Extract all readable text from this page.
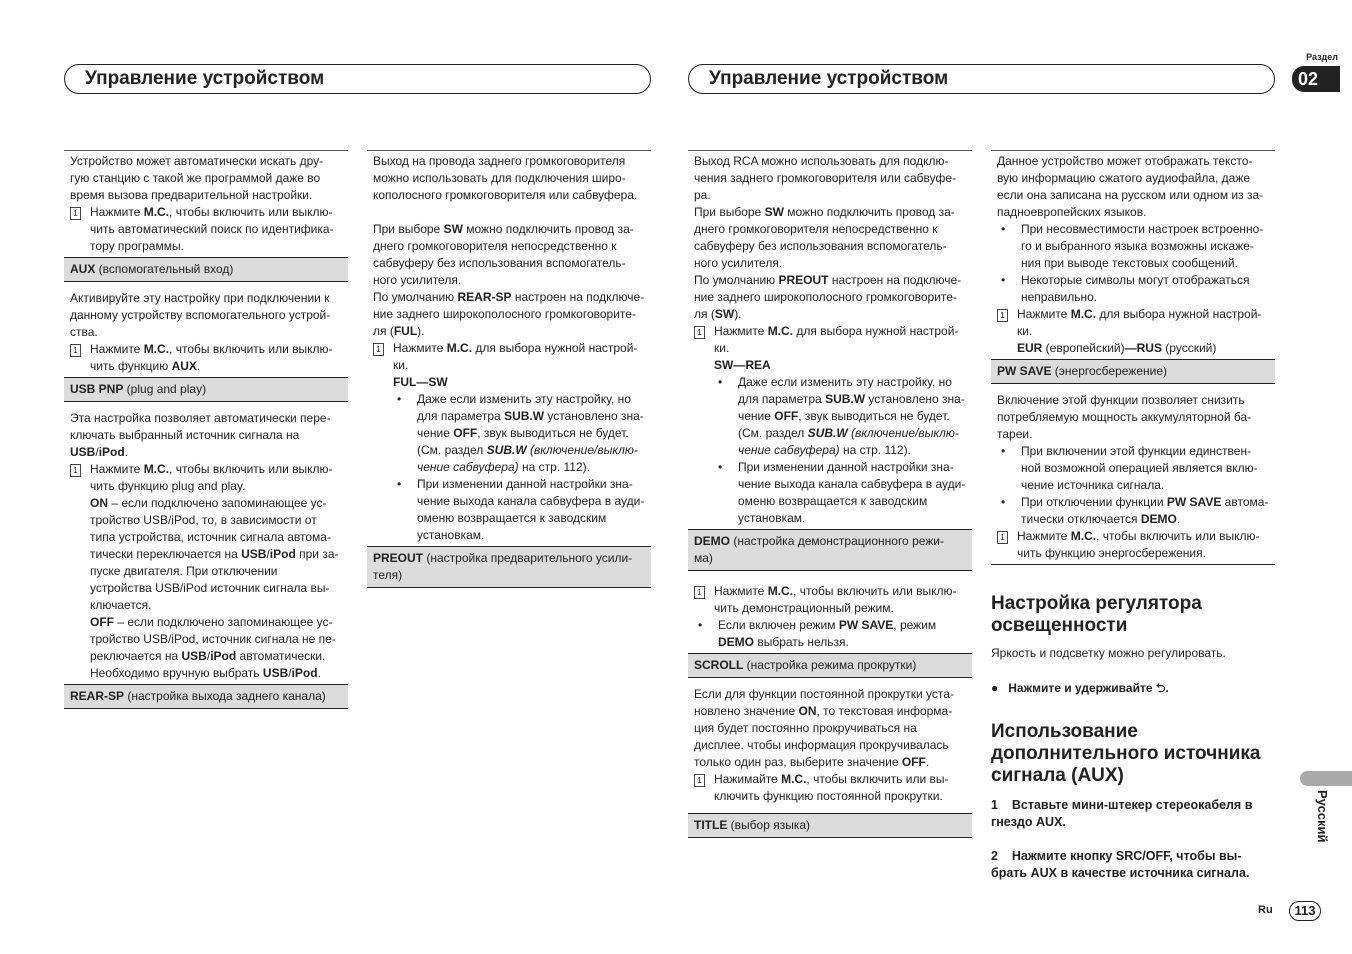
Управление устройством	Управление устройством
Раздел
02
Русский

Устройство может автоматически искать дру- гую станцию с такой же программой даже во время вызова предварительной настройки.

1 Нажмите M.C., чтобы включить или выклю- чить автоматический поиск по идентифика- тору программы.
AUX (вспомогательный вход)

Активируйте эту настройку при подключении к данному устройству вспомогательного устрой- ства.

1 Нажмите M.C., чтобы включить или выклю- чить функцию AUX.
USB PNP (plug and play)

Эта настройка позволяет автоматически пере- ключать выбранный источник сигнала на USB/iPod.

1 Нажмите M.C., чтобы включить или выклю- чить функцию plug and play.

ON – если подключено запоминающее ус- тройство USB/iPod, то, в зависимости от типа устройства, источник сигнала автома- тически переключается на USB/iPod при за- пуске двигателя. При отключении устройства USB/iPod источник сигнала вы- ключается.

OFF – если подключено запоминающее ус- тройство USB/iPod, источник сигнала не пе- реключается на USB/iPod автоматически. Необходимо вручную выбрать USB/iPod.

REAR-SP (настройка выхода заднего канала)

Выход на провода заднего громкоговорителя можно использовать для подключения широ- кополосного громкоговорителя или сабвуфера.

При выборе SW можно подключить провод за- днего громкоговорителя непосредственно к сабвуферу без использования вспомогатель- ного усилителя.

По умолчанию REAR-SP настроен на подключе- ние заднего широкополосного громкоговорите- ля (FUL).

1 Нажмите M.C. для выбора нужной настрой- ки.

FUL—SW

•	Даже если изменить эту настройку, но для параметра SUB.W установлено зна- чение OFF, звук выводиться не будет. (См. раздел SUB.W (включение/выклю- чение сабвуфера) на стр. 112).
•	При изменении данной настройки зна- чение выхода канала сабвуфера в ауди- оменю возвращается к заводским установкам.
PREOUT (настройка предварительного усили- теля)

Выход RCA можно использовать для подклю- чения заднего громкоговорителя или сабвуфе- ра.

При выборе SW можно подключить провод за- днего громкоговорителя непосредственно к сабвуферу без использования вспомогатель- ного усилителя.

По умолчанию PREOUT настроен на подключе- ние заднего широкополосного громкоговорите- ля (SW).

1 Нажмите M.C. для выбора нужной настрой- ки.

SW—REA

•	Даже если изменить эту настройку, но для параметра SUB.W установлено зна- чение OFF, звук выводиться не будет. (См. раздел SUB.W (включение/выклю- чение сабвуфера) на стр. 112).
•	При изменении данной настройки зна- чение выхода канала сабвуфера в ауди- оменю возвращается к заводским установкам.
DEMO (настройка демонстрационного режи- ма)
1 Нажмите M.C., чтобы включить или выклю- чить демонстрационный режим.
•	Если включен режим PW SAVE, режим DEMO выбрать нельзя.
SCROLL (настройка режима прокрутки)

Если для функции постоянной прокрутки уста- новлено значение ON, то текстовая информа- ция будет постоянно прокручиваться на дисплее. чтобы информация прокручивалась только один раз, выберите значение OFF.

1 Нажимайте M.C., чтобы включить или вы- ключить функцию постоянной прокрутки.
TITLE (выбор языка)

Данное устройство может отображать тексто- вую информацию сжатого аудиофайла, даже если она записана на русском или одном из за- падноевропейских языков.

•	При несовместимости настроек встроенно- го и выбранного языка возможны искаже- ния при выводе текстовых сообщений.
•	Некоторые символы могут отображаться неправильно.
1 Нажмите M.C. для выбора нужной настрой- ки.

EUR (европейский)—RUS (русский)

PW SAVE (энергосбережение)

Включение этой функции позволяет снизить потребляемую мощность аккумуляторной ба- тареи.

•	При включении этой функции единствен- ной возможной операцией является вклю- чение источника сигнала.
•	При отключении функции PW SAVE автома- тически отключается DEMO.
1 Нажмите M.C., чтобы включить или выклю- чить функцию энергосбережения.

Настройка регулятора освещенности

Яркость и подсветку можно регулировать.

● Нажмите и удерживайте ⮌.

Использование дополнительного источника сигнала (AUX)

1 Вставьте мини-штекер стереокабеля в гнездо AUX.

2 Нажмите кнопку SRC/OFF, чтобы вы- брать AUX в качестве источника сигнала.

Ru	113
